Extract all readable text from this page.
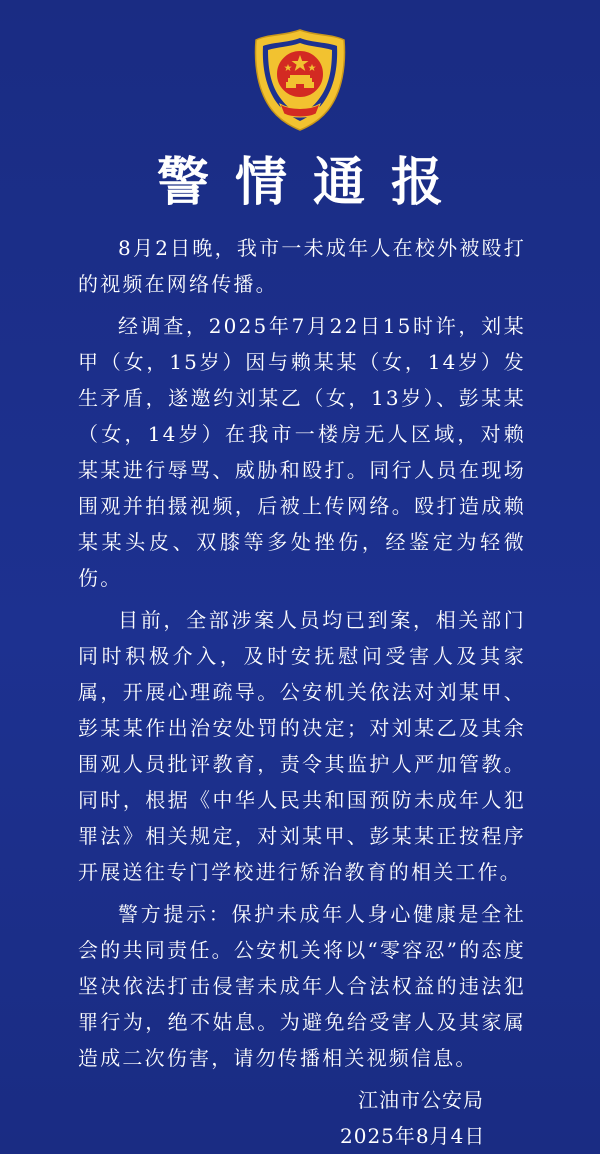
警情通报

8月2日晚，我市一未成年人在校外被殴打的视频在网络传播。

经调查，2025年7月22日15时许，刘某甲（女，15岁）因与赖某某（女，14岁）发生矛盾，遂邀约刘某乙（女，13岁）、彭某某（女，14岁）在我市一楼房无人区域，对赖某某进行辱骂、威胁和殴打。同行人员在现场围观并拍摄视频，后被上传网络。殴打造成赖某某头皮、双膝等多处挫伤，经鉴定为轻微伤。

目前，全部涉案人员均已到案，相关部门同时积极介入，及时安抚慰问受害人及其家属，开展心理疏导。公安机关依法对刘某甲、彭某某作出治安处罚的决定；对刘某乙及其余围观人员批评教育，责令其监护人严加管教。同时，根据《中华人民共和国预防未成年人犯罪法》相关规定，对刘某甲、彭某某正按程序开展送往专门学校进行矫治教育的相关工作。

警方提示：保护未成年人身心健康是全社会的共同责任。公安机关将以“零容忍”的态度坚决依法打击侵害未成年人合法权益的违法犯罪行为，绝不姑息。为避免给受害人及其家属造成二次伤害，请勿传播相关视频信息。

江油市公安局
2025年8月4日
